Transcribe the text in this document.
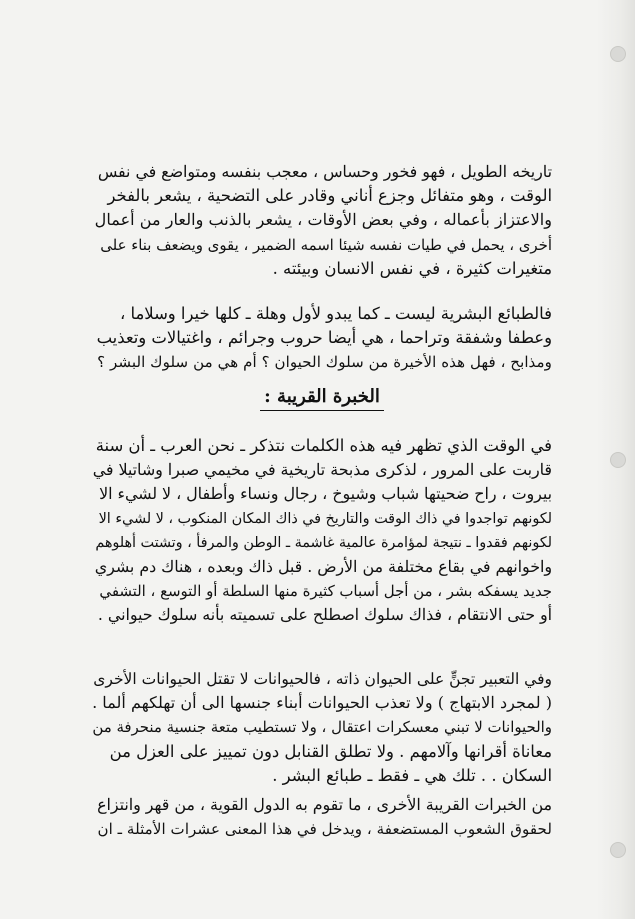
تاريخه الطويل ، فهو فخور وحساس ، معجب بنفسه ومتواضع في نفس
الوقت ، وهو متفائل وجزع أناني وقادر على التضحية ، يشعر بالفخر
والاعتزاز بأعماله ، وفي بعض الأوقات ، يشعر بالذنب والعار من أعمال
أخرى ، يحمل في طيات نفسه شيئا اسمه الضمير ، يقوى ويضعف بناء على
متغيرات كثيرة ، في نفس الانسان وبيئته .

فالطبائع البشرية ليست ـ كما يبدو لأول وهلة ـ كلها خيرا وسلاما ،
وعطفا وشفقة وتراحما ، هي أيضا حروب وجرائم ، واغتيالات وتعذيب
ومذابح ، فهل هذه الأخيرة من سلوك الحيوان ؟ أم هي من سلوك البشر ؟

الخبرة القريبة :

في الوقت الذي تظهر فيه هذه الكلمات نتذكر ـ نحن العرب ـ أن سنة
قاربت على المرور ، لذكرى مذبحة تاريخية في مخيمي صبرا وشاتيلا في
بيروت ، راح ضحيتها شباب وشيوخ ، رجال ونساء وأطفال ، لا لشيء الا
لكونهم تواجدوا في ذاك الوقت والتاريخ في ذاك المكان المنكوب ، لا لشيء الا
لكونهم فقدوا ـ نتيجة لمؤامرة عالمية غاشمة ـ الوطن والمرفأ ، وتشتت أهلوهم
واخوانهم في بقاع مختلفة من الأرض . قبل ذاك وبعده ، هناك دم بشري
جديد يسفكه بشر ، من أجل أسباب كثيرة منها السلطة أو التوسع ، التشفي
أو حتى الانتقام ، فذاك سلوك اصطلح على تسميته بأنه سلوك حيواني .

وفي التعبير تجنٍّ على الحيوان ذاته ، فالحيوانات لا تقتل الحيوانات الأخرى
( لمجرد الابتهاج ) ولا تعذب الحيوانات أبناء جنسها الى أن تهلكهم ألما .
والحيوانات لا تبني معسكرات اعتقال ، ولا تستطيب متعة جنسية منحرفة من
معاناة أقرانها وآلامهم . ولا تطلق القنابل دون تمييز على العزل من
السكان . . تلك هي ـ فقط ـ طبائع البشر .

من الخبرات القريبة الأخرى ، ما تقوم به الدول القوية ، من قهر وانتزاع
لحقوق الشعوب المستضعفة ، ويدخل في هذا المعنى عشرات الأمثلة ـ ان
